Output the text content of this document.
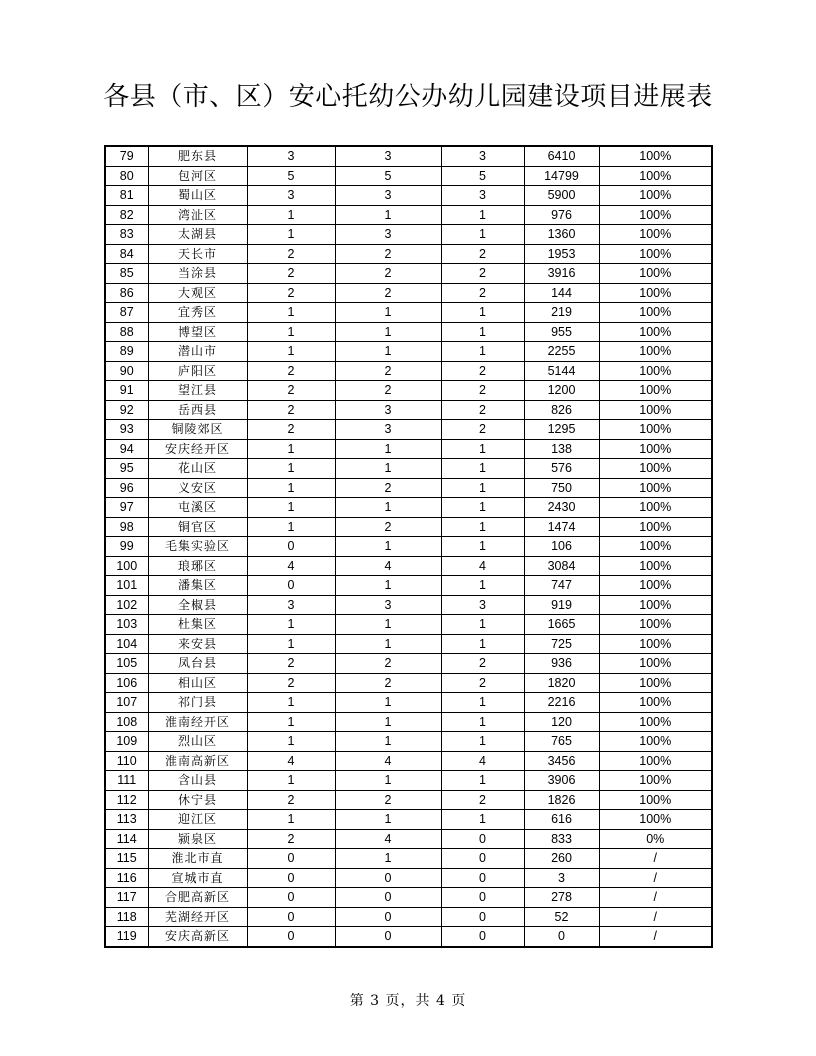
各县（市、区）安心托幼公办幼儿园建设项目进展表
79	肥东县	3	3	3	6410	100%
80	包河区	5	5	5	14799	100%
81	蜀山区	3	3	3	5900	100%
82	湾沚区	1	1	1	976	100%
83	太湖县	1	3	1	1360	100%
84	天长市	2	2	2	1953	100%
85	当涂县	2	2	2	3916	100%
86	大观区	2	2	2	144	100%
87	宜秀区	1	1	1	219	100%
88	博望区	1	1	1	955	100%
89	潜山市	1	1	1	2255	100%
90	庐阳区	2	2	2	5144	100%
91	望江县	2	2	2	1200	100%
92	岳西县	2	3	2	826	100%
93	铜陵郊区	2	3	2	1295	100%
94	安庆经开区	1	1	1	138	100%
95	花山区	1	1	1	576	100%
96	义安区	1	2	1	750	100%
97	屯溪区	1	1	1	2430	100%
98	铜官区	1	2	1	1474	100%
99	毛集实验区	0	1	1	106	100%
100	琅琊区	4	4	4	3084	100%
101	潘集区	0	1	1	747	100%
102	全椒县	3	3	3	919	100%
103	杜集区	1	1	1	1665	100%
104	来安县	1	1	1	725	100%
105	凤台县	2	2	2	936	100%
106	相山区	2	2	2	1820	100%
107	祁门县	1	1	1	2216	100%
108	淮南经开区	1	1	1	120	100%
109	烈山区	1	1	1	765	100%
110	淮南高新区	4	4	4	3456	100%
111	含山县	1	1	1	3906	100%
112	休宁县	2	2	2	1826	100%
113	迎江区	1	1	1	616	100%
114	颍泉区	2	4	0	833	0%
115	淮北市直	0	1	0	260	/
116	宣城市直	0	0	0	3	/
117	合肥高新区	0	0	0	278	/
118	芜湖经开区	0	0	0	52	/
119	安庆高新区	0	0	0	0	/
第 3 页，共 4 页
